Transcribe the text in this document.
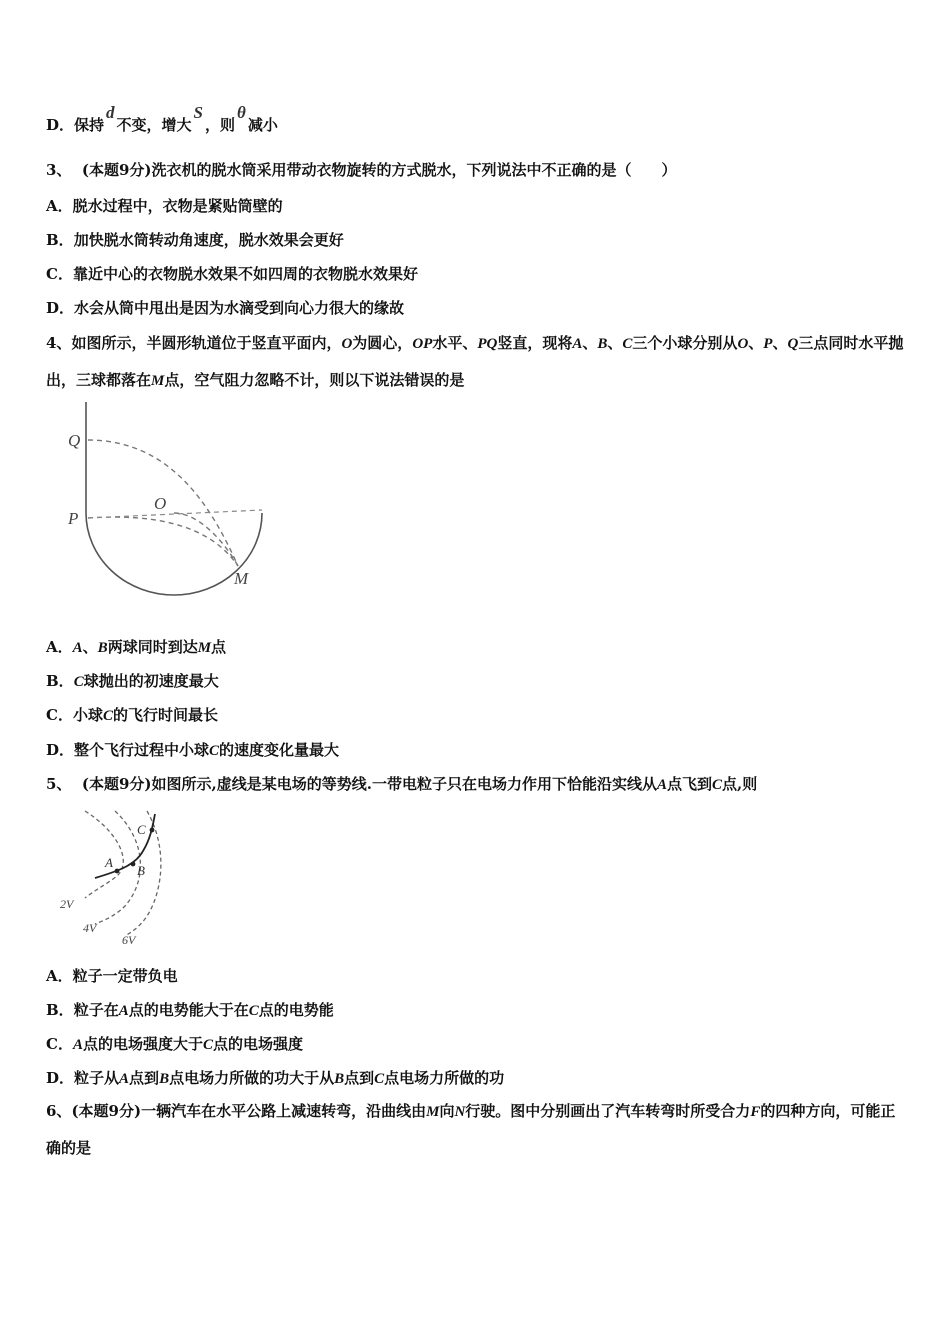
D．保持d不变，增大S，则θ减小
3、 (本题9分)洗衣机的脱水筒采用带动衣物旋转的方式脱水，下列说法中不正确的是（　　）
A．脱水过程中，衣物是紧贴筒壁的
B．加快脱水筒转动角速度，脱水效果会更好
C．靠近中心的衣物脱水效果不如四周的衣物脱水效果好
D．水会从筒中甩出是因为水滴受到向心力很大的缘故
4、如图所示，半圆形轨道位于竖直平面内，O为圆心，OP水平、PQ竖直，现将A、B、C三个小球分别从O、P、Q三点同时水平抛出，三球都落在M点，空气阻力忽略不计，则以下说法错误的是
Q
P
O
M
A．A、B两球同时到达M点
B．C球抛出的初速度最大
C．小球C的飞行时间最长
D．整个飞行过程中小球C的速度变化量最大
5、 (本题9分)如图所示,虚线是某电场的等势线.一带电粒子只在电场力作用下恰能沿实线从A点飞到C点,则
A
B
C
2V
4V
6V
A．粒子一定带负电
B．粒子在A点的电势能大于在C点的电势能
C．A点的电场强度大于C点的电场强度
D．粒子从A点到B点电场力所做的功大于从B点到C点电场力所做的功
6、(本题9分)一辆汽车在水平公路上减速转弯，沿曲线由M向N行驶。图中分别画出了汽车转弯时所受合力F的四种方向，可能正确的是
